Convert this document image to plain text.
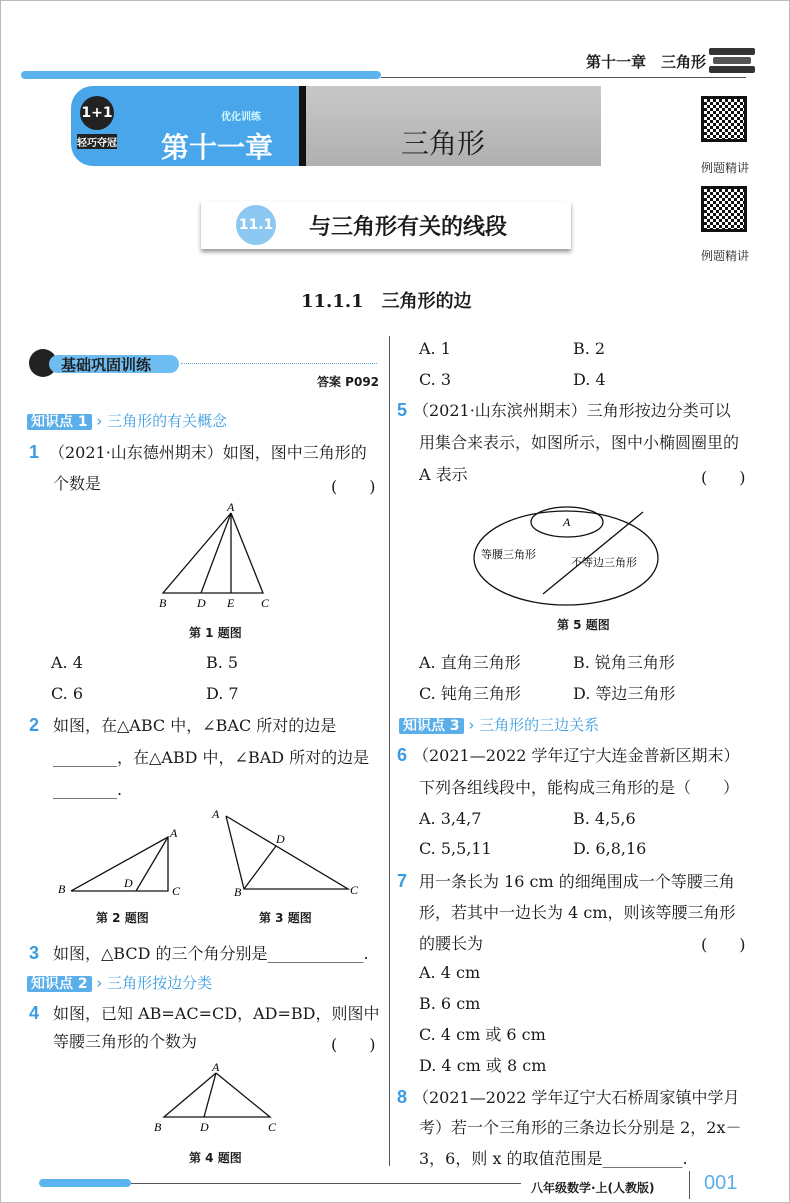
第十一章　三角形
1+1
轻巧夺冠
优化训练
第十一章	三角形
例题精讲
例题精讲
11.1 与三角形有关的线段
11.1.1　三角形的边
基础巩固训练
答案 P092
知识点 1 › 三角形的有关概念
1 （2021·山东德州期末）如图，图中三角形的
个数是	(　　)
A
B	D E C
第 1 题图
A. 4	B. 5
C. 6	D. 7
2 如图，在△ABC 中，∠BAC 所对的边是
________，在△ABD 中，∠BAD 所对的边是
________.
A
B	D
C
A
D
B	C
第 2 题图	第 3 题图
3 如图，△BCD 的三个角分别是____________.
知识点 2 › 三角形按边分类
4 如图，已知 AB=AC=CD，AD=BD，则图中
等腰三角形的个数为	(　　)
A
B	D	C
第 4 题图
A. 1	B. 2
C. 3	D. 4
5 （2021·山东滨州期末）三角形按边分类可以
用集合来表示，如图所示，图中小椭圆圈里的
A 表示	(　　)
A
等腰三角形
不等边三角形
第 5 题图
A. 直角三角形	B. 锐角三角形
C. 钝角三角形	D. 等边三角形
知识点 3 › 三角形的三边关系
6 （2021—2022 学年辽宁大连金普新区期末）
下列各组线段中，能构成三角形的是（　　）
A. 3,4,7	B. 4,5,6
C. 5,5,11	D. 6,8,16
7 用一条长为 16 cm 的细绳围成一个等腰三角
形，若其中一边长为 4 cm，则该等腰三角形
的腰长为	(　　)
A. 4 cm
B. 6 cm
C. 4 cm 或 6 cm
D. 4 cm 或 8 cm
8 （2021—2022 学年辽宁大石桥周家镇中学月
考）若一个三角形的三条边长分别是 2，2x－
3，6，则 x 的取值范围是__________.
八年级数学·上(人教版) 001
